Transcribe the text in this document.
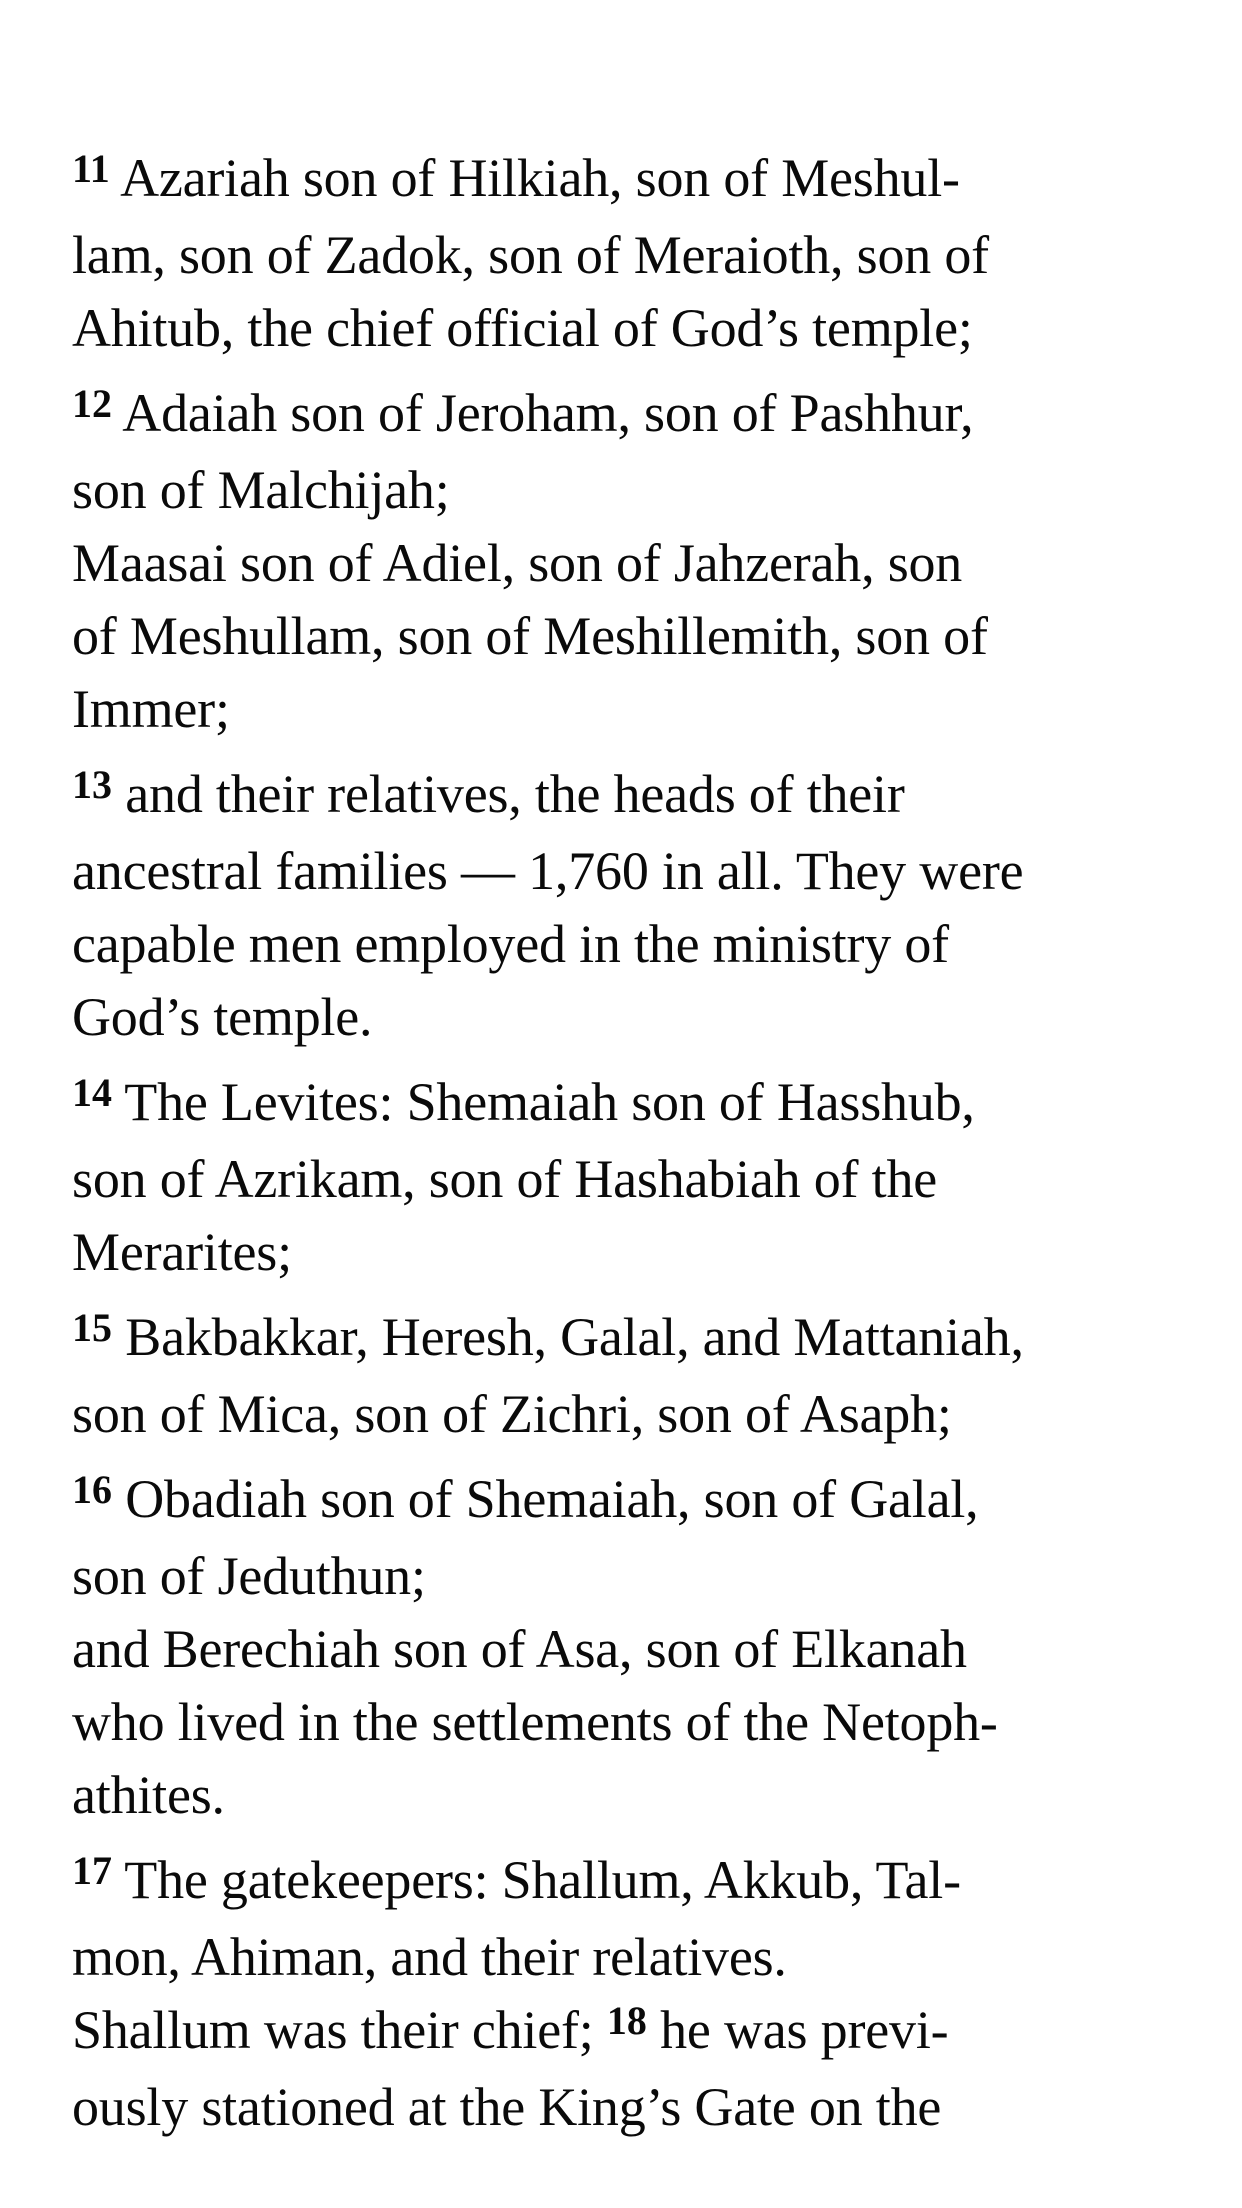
$^{11}$ Azariah son of Hilkiah, son of Meshul-
lam, son of Zadok, son of Meraioth, son of
Ahitub, the chief official of God’s temple;
$^{12}$ Adaiah son of Jeroham, son of Pashhur,
son of Malchijah;
Maasai son of Adiel, son of Jahzerah, son
of Meshullam, son of Meshillemith, son of
Immer;
$^{13}$ and their relatives, the heads of their
ancestral families — 1,760 in all. They were
capable men employed in the ministry of
God’s temple.
$^{14}$ The Levites: Shemaiah son of Hasshub,
son of Azrikam, son of Hashabiah of the
Merarites;
$^{15}$ Bakbakkar, Heresh, Galal, and Mattaniah,
son of Mica, son of Zichri, son of Asaph;
$^{16}$ Obadiah son of Shemaiah, son of Galal,
son of Jeduthun;
and Berechiah son of Asa, son of Elkanah
who lived in the settlements of the Netoph-
athites.
$^{17}$ The gatekeepers: Shallum, Akkub, Tal-
mon, Ahiman, and their relatives.
Shallum was their chief; $^{18}$ he was previ-
ously stationed at the King’s Gate on the
